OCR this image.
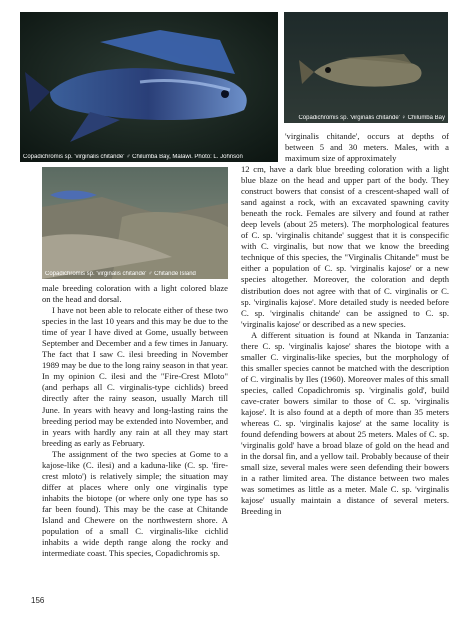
Copadichromis sp. 'virginalis chitande' ♂ Chilumba Bay, Malawi. Photo: L. Johnson
Copadichromis sp. 'virginalis chitande' ♀ Chilumba Bay
Copadichromis sp. 'virginalis chitande' ♂ Chitande Island

'virginalis chitande', occurs at depths of between 5 and 30 meters. Males, with a maximum size of approximately

12 cm, have a dark blue breeding coloration with a light blue blaze on the head and upper part of the body. They construct bowers that consist of a crescent-shaped wall of sand against a rock, with an excavated spawning cavity beneath the rock. Females are silvery and found at rather deep levels (about 25 meters). The morphological features of C. sp. 'virginalis chitande' suggest that it is conspecific with C. virginalis, but now that we know the breeding technique of this species, the "Virginalis Chitande" must be either a population of C. sp. 'virginalis kajose' or a new species altogether. Moreover, the coloration and depth distribution does not agree with that of C. virginalis or C. sp. 'virginalis kajose'. More detailed study is needed before C. sp. 'virginalis chitande' can be assigned to C. sp. 'virginalis kajose' or described as a new species.

A different situation is found at Nkanda in Tanzania: there C. sp. 'virginalis kajose' shares the biotope with a smaller C. virginalis-like species, but the morphology of this smaller species cannot be matched with the description of C. virginalis by Iles (1960). Moreover males of this small species, called Copadichromis sp. 'virginalis gold', build cave-crater bowers similar to those of C. sp. 'virginalis kajose'. It is also found at a depth of more than 35 meters whereas C. sp. 'virginalis kajose' at the same locality is found defending bowers at about 25 meters. Males of C. sp. 'virginalis gold' have a broad blaze of gold on the head and in the dorsal fin, and a yellow tail. Probably because of their small size, several males were seen defending their bowers in a rather limited area. The distance between two males was sometimes as little as a meter. Male C. sp. 'virginalis kajose' usually maintain a distance of several meters. Breeding in

male breeding coloration with a light colored blaze on the head and dorsal.

I have not been able to relocate either of these two species in the last 10 years and this may be due to the time of year I have dived at Gome, usually between September and December and a few times in January. The fact that I saw C. ilesi breeding in November 1989 may be due to the long rainy season in that year. In my opinion C. ilesi and the "Fire-Crest Mloto" (and perhaps all C. virginalis-type cichlids) breed directly after the rainy season, usually March till June. In years with heavy and long-lasting rains the breeding period may be extended into November, and in years with hardly any rain at all they may start breeding as early as February.

The assignment of the two species at Gome to a kajose-like (C. ilesi) and a kaduna-like (C. sp. 'fire-crest mloto') is relatively simple; the situation may differ at places where only one virginalis type inhabits the biotope (or where only one type has so far been found). This may be the case at Chitande Island and Chewere on the northwestern shore. A population of a small C. virginalis-like cichlid inhabits a wide depth range along the rocky and intermediate coast. This species, Copadichromis sp.

156
